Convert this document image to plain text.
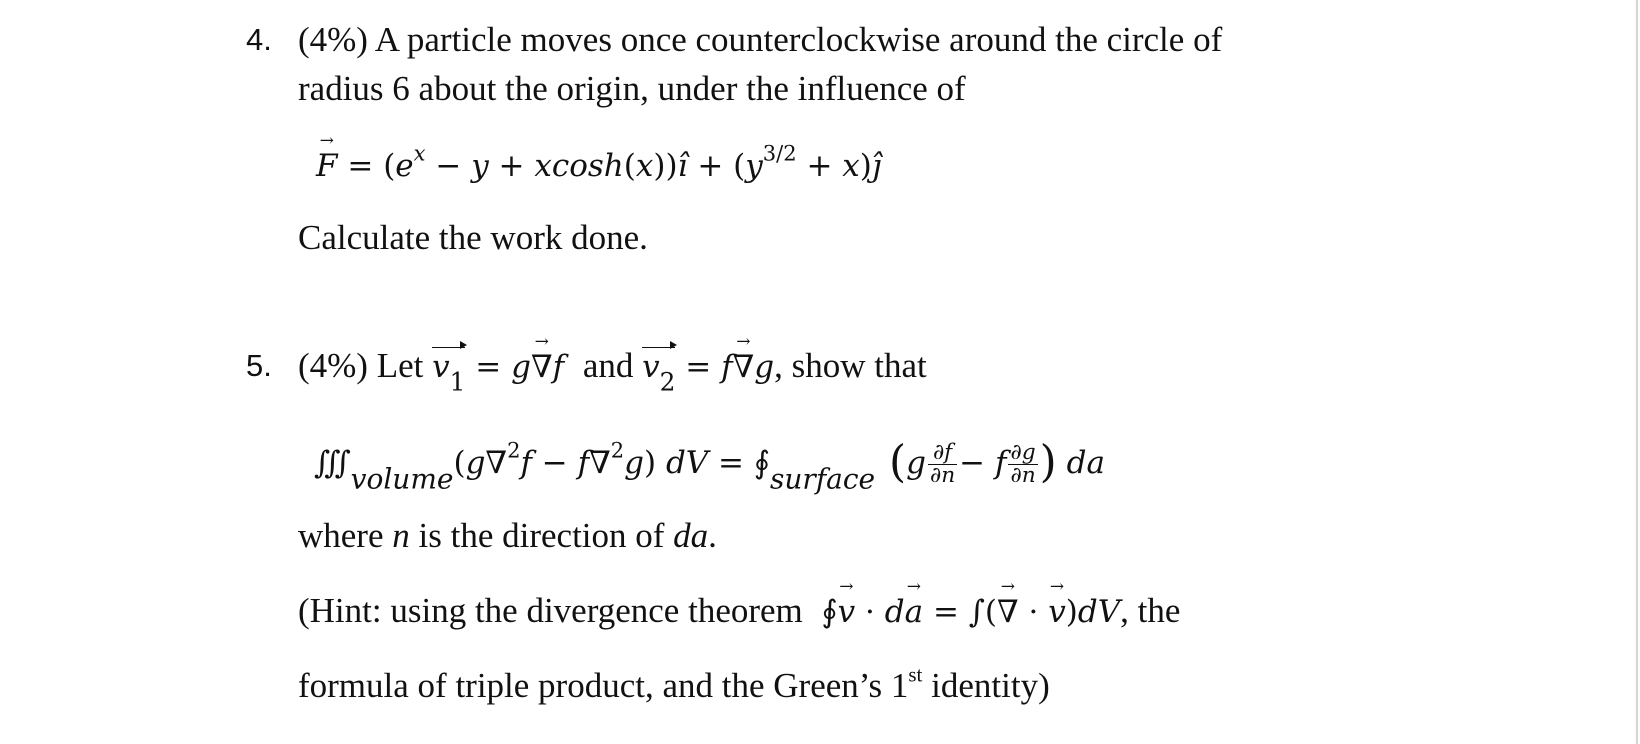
4. (4%) A particle moves once counterclockwise around the circle of
radius 6 about the origin, under the influence of
→ $F = (e^x - y$ + xcosh(x))ı̂ + ($y^{3/2}$ + x)ȷ̂
Calculate the work done.
5. (4%) Let $v_1 = g\to \nabla f$ and $v_2 = f\to \nabla g$, show that
$∭_{volume}(g\nabla^2f - f\nabla^2g)$ dV = $∮_{surface}$ ($g \frac{\partial f}{\partial n} - f \frac{\partial g}{\partial n}$ ) da
where n is the direction of da.
(Hint: using the divergence theorem ∮→ v · d→ a = ∫(→ ∇ · → v)dV, the
formula of triple product, and the Green’s 1st identity)
